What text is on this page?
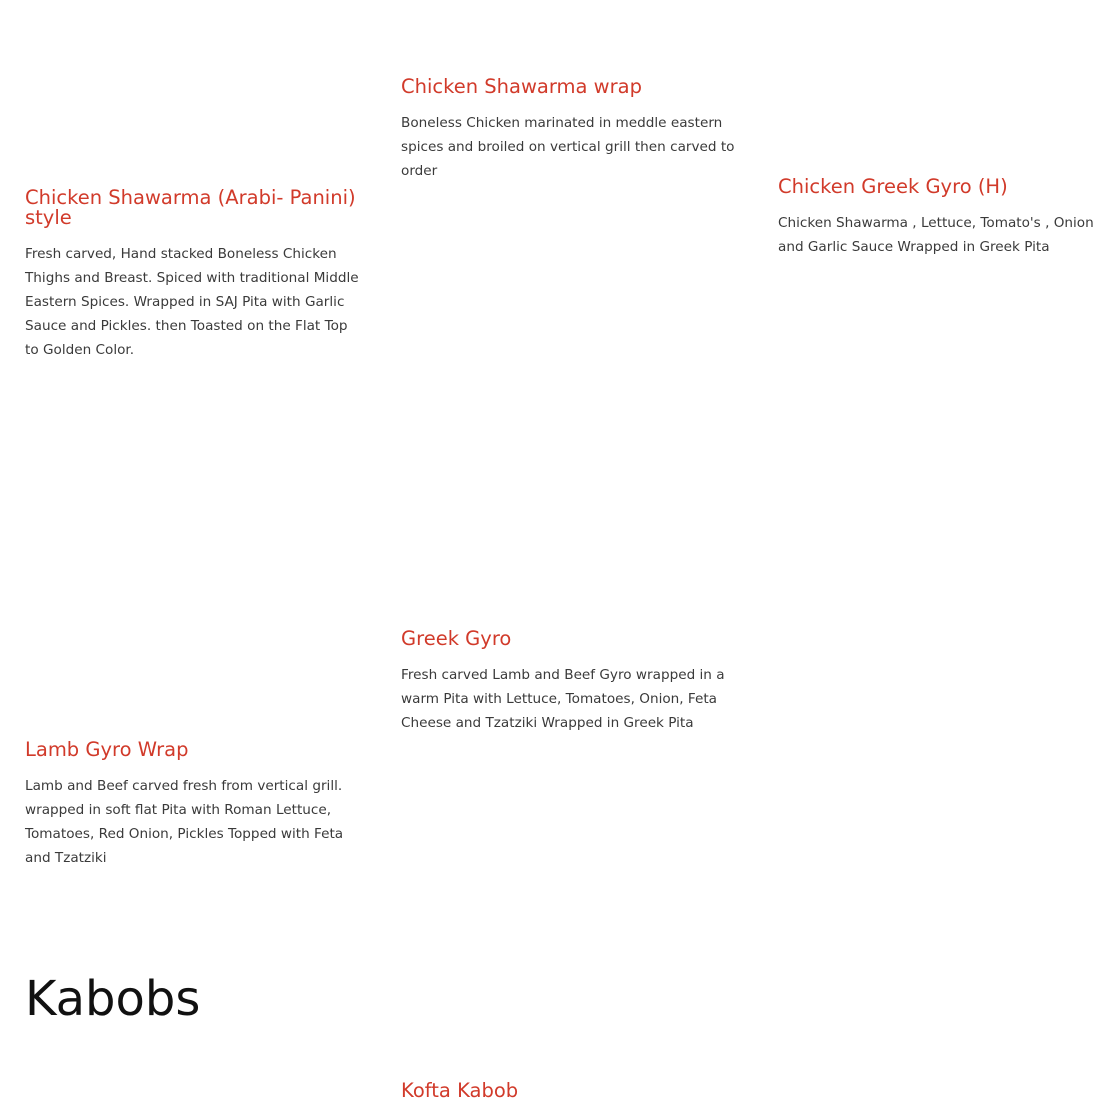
Chicken Shawarma wrap

Boneless Chicken marinated in meddle eastern spices and broiled on vertical grill then carved to order

Chicken Shawarma (Arabi- Panini) style

Fresh carved, Hand stacked Boneless Chicken Thighs and Breast. Spiced with traditional Middle Eastern Spices. Wrapped in SAJ Pita with Garlic Sauce and Pickles. then Toasted on the Flat Top to Golden Color.

Chicken Greek Gyro (H)

Chicken Shawarma , Lettuce, Tomato's , Onion and Garlic Sauce Wrapped in Greek Pita

Greek Gyro

Fresh carved Lamb and Beef Gyro wrapped in a warm Pita with Lettuce, Tomatoes, Onion, Feta Cheese and Tzatziki Wrapped in Greek Pita

Lamb Gyro Wrap

Lamb and Beef carved fresh from vertical grill. wrapped in soft flat Pita with Roman Lettuce, Tomatoes, Red Onion, Pickles Topped with Feta and Tzatziki

Kabobs
Kofta Kabob
